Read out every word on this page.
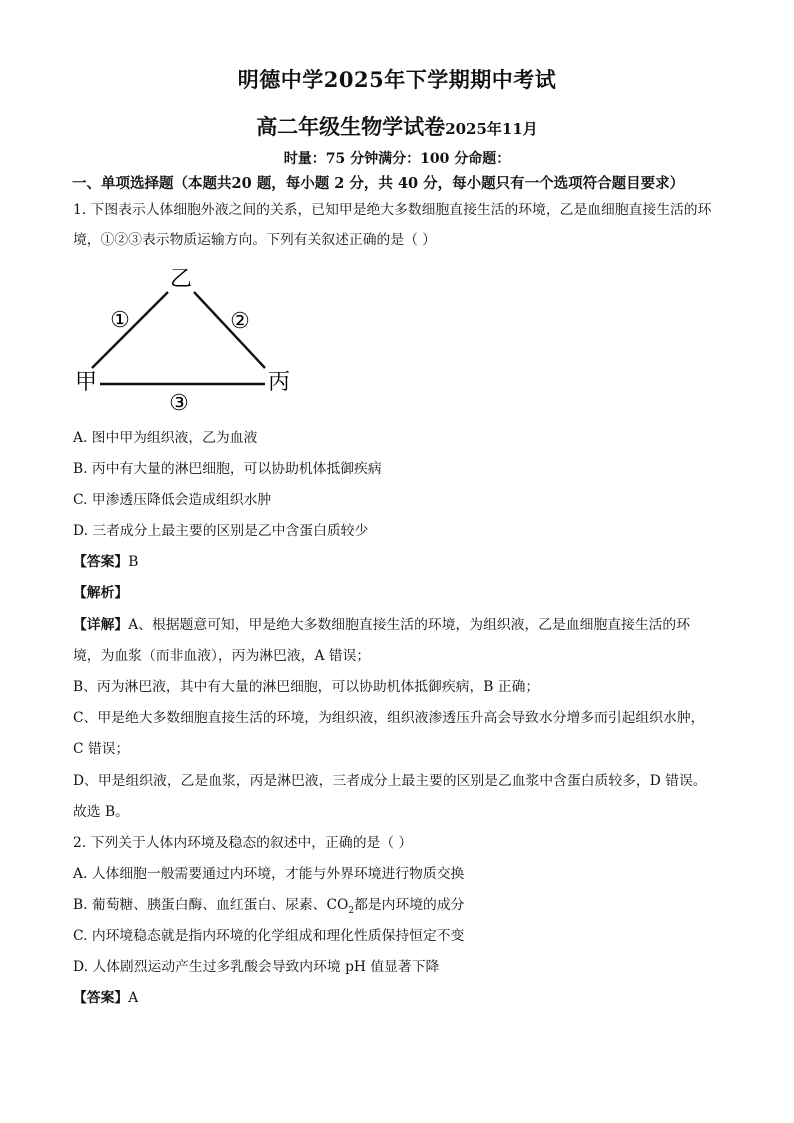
明德中学2025年下学期期中考试
高二年级生物学试卷2025年11月
时量：75 分钟满分：100 分命题：
一、单项选择题（本题共20 题，每小题 2 分，共 40 分，每小题只有一个选项符合题目要求）
1. 下图表示人体细胞外液之间的关系，已知甲是绝大多数细胞直接生活的环境，乙是血细胞直接生活的环
境，①②③表示物质运输方向。下列有关叙述正确的是（ ）
乙
甲	丙
①	②
③
A. 图中甲为组织液，乙为血液
B. 丙中有大量的淋巴细胞，可以协助机体抵御疾病
C. 甲渗透压降低会造成组织水肿
D. 三者成分上最主要的区别是乙中含蛋白质较少
【答案】B
【解析】
【详解】A、根据题意可知，甲是绝大多数细胞直接生活的环境，为组织液，乙是血细胞直接生活的环
境，为血浆（而非血液），丙为淋巴液，A 错误；
B、丙为淋巴液，其中有大量的淋巴细胞，可以协助机体抵御疾病，B 正确；
C、甲是绝大多数细胞直接生活的环境，为组织液，组织液渗透压升高会导致水分增多而引起组织水肿，
C 错误；
D、甲是组织液，乙是血浆，丙是淋巴液，三者成分上最主要的区别是乙血浆中含蛋白质较多，D 错误。
故选 B。
2. 下列关于人体内环境及稳态的叙述中，正确的是（ ）
A. 人体细胞一般需要通过内环境，才能与外界环境进行物质交换
B. 葡萄糖、胰蛋白酶、血红蛋白、尿素、$CO_2$都是内环境的成分
C. 内环境稳态就是指内环境的化学组成和理化性质保持恒定不变
D. 人体剧烈运动产生过多乳酸会导致内环境 pH 值显著下降
【答案】A
